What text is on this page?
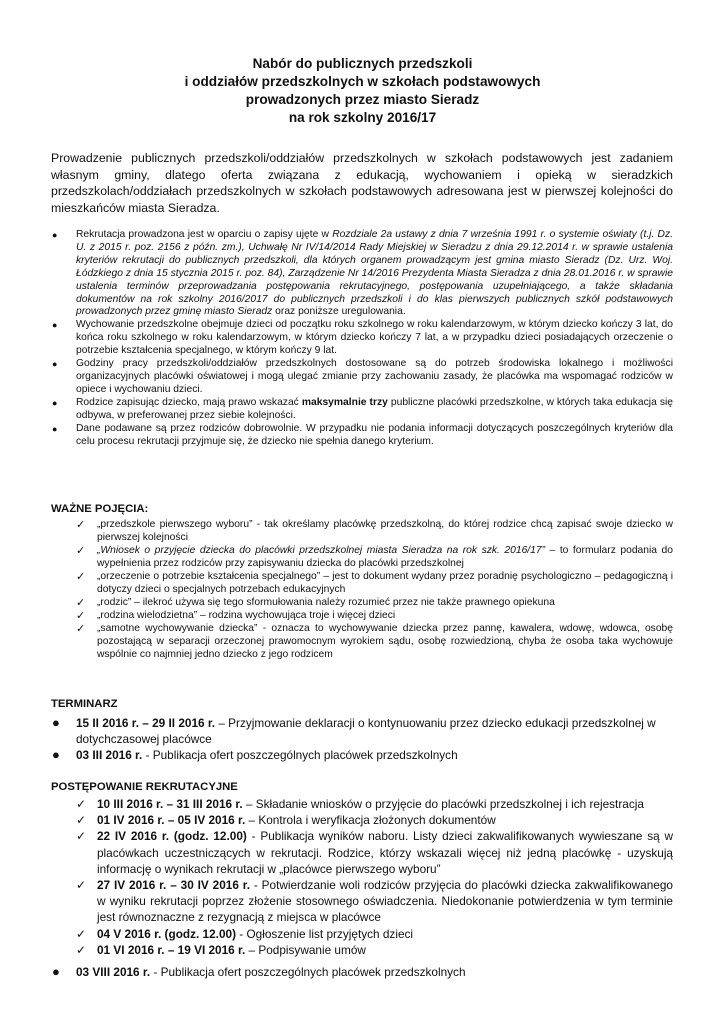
Nabór do publicznych przedszkoli
i oddziałów przedszkolnych w szkołach podstawowych
prowadzonych przez miasto Sieradz
na rok szkolny 2016/17
Prowadzenie publicznych przedszkoli/oddziałów przedszkolnych w szkołach podstawowych jest zadaniem własnym gminy, dlatego oferta związana z edukacją, wychowaniem i opieką w sieradzkich przedszkolach/oddziałach przedszkolnych w szkołach podstawowych adresowana jest w pierwszej kolejności do mieszkańców miasta Sieradza.
● Rekrutacja prowadzona jest w oparciu o zapisy ujęte w Rozdziale 2a ustawy z dnia 7 września 1991 r. o systemie oświaty (t.j. Dz. U. z 2015 r. poz. 2156 z późn. zm.), Uchwałę Nr IV/14/2014 Rady Miejskiej w Sieradzu z dnia 29.12.2014 r. w sprawie ustalenia kryteriów rekrutacji do publicznych przedszkoli, dla których organem prowadzącym jest gmina miasto Sieradz (Dz. Urz. Woj. Łódzkiego z dnia 15 stycznia 2015 r. poz. 84), Zarządzenie Nr 14/2016 Prezydenta Miasta Sieradza z dnia 28.01.2016 r. w sprawie ustalenia terminów przeprowadzania postępowania rekrutacyjnego, postępowania uzupełniającego, a także składania dokumentów na rok szkolny 2016/2017 do publicznych przedszkoli i do klas pierwszych publicznych szkół podstawowych prowadzonych przez gminę miasto Sieradz oraz poniższe uregulowania.
● Wychowanie przedszkolne obejmuje dzieci od początku roku szkolnego w roku kalendarzowym, w którym dziecko kończy 3 lat, do końca roku szkolnego w roku kalendarzowym, w którym dziecko kończy 7 lat, a w przypadku dzieci posiadających orzeczenie o potrzebie kształcenia specjalnego, w którym kończy 9 lat.
● Godziny pracy przedszkoli/oddziałów przedszkolnych dostosowane są do potrzeb środowiska lokalnego i możliwości organizacyjnych placówki oświatowej i mogą ulegać zmianie przy zachowaniu zasady, że placówka ma wspomagać rodziców w opiece i wychowaniu dzieci.
● Rodzice zapisując dziecko, mają prawo wskazać maksymalnie trzy publiczne placówki przedszkolne, w których taka edukacja się odbywa, w preferowanej przez siebie kolejności.
● Dane podawane są przez rodziców dobrowolnie. W przypadku nie podania informacji dotyczących poszczególnych kryteriów dla celu procesu rekrutacji przyjmuje się, że dziecko nie spełnia danego kryterium.
WAŻNE POJĘCIA:
✓ „przedszkole pierwszego wyboru” - tak określamy placówkę przedszkolną, do której rodzice chcą zapisać swoje dziecko w pierwszej kolejności
✓ „Wniosek o przyjęcie dziecka do placówki przedszkolnej miasta Sieradza na rok szk. 2016/17” – to formularz podania do wypełnienia przez rodziców przy zapisywaniu dziecka do placówki przedszkolnej
✓ „orzeczenie o potrzebie kształcenia specjalnego” – jest to dokument wydany przez poradnię psychologiczno – pedagogiczną i dotyczy dzieci o specjalnych potrzebach edukacyjnych
✓ „rodzic” – ilekroć używa się tego sformułowania należy rozumieć przez nie także prawnego opiekuna
✓ „rodzina wielodzietna” – rodzina wychowująca troje i więcej dzieci
✓ „samotne wychowywanie dziecka” - oznacza to wychowywanie dziecka przez pannę, kawalera, wdowę, wdowca, osobę pozostającą w separacji orzeczonej prawomocnym wyrokiem sądu, osobę rozwiedzioną, chyba że osoba taka wychowuje wspólnie co najmniej jedno dziecko z jego rodzicem
TERMINARZ
● 15 II 2016 r. – 29 II 2016 r. – Przyjmowanie deklaracji o kontynuowaniu przez dziecko edukacji przedszkolnej w dotychczasowej placówce
● 03 III 2016 r. - Publikacja ofert poszczególnych placówek przedszkolnych
POSTĘPOWANIE REKRUTACYJNE
✓ 10 III 2016 r. – 31 III 2016 r. – Składanie wniosków o przyjęcie do placówki przedszkolnej i ich rejestracja
✓ 01 IV 2016 r. – 05 IV 2016 r. – Kontrola i weryfikacja złożonych dokumentów
✓ 22 IV 2016 r. (godz. 12.00) - Publikacja wyników naboru. Listy dzieci zakwalifikowanych wywieszane są w placówkach uczestniczących w rekrutacji. Rodzice, którzy wskazali więcej niż jedną placówkę - uzyskują informację o wynikach rekrutacji w „placówce pierwszego wyboru”
✓ 27 IV 2016 r. – 30 IV 2016 r. - Potwierdzanie woli rodziców przyjęcia do placówki dziecka zakwalifikowanego w wyniku rekrutacji poprzez złożenie stosownego oświadczenia. Niedokonanie potwierdzenia w tym terminie jest równoznaczne z rezygnacją z miejsca w placówce
✓ 04 V 2016 r. (godz. 12.00) - Ogłoszenie list przyjętych dzieci
✓ 01 VI 2016 r. – 19 VI 2016 r. – Podpisywanie umów
● 03 VIII 2016 r. - Publikacja ofert poszczególnych placówek przedszkolnych
